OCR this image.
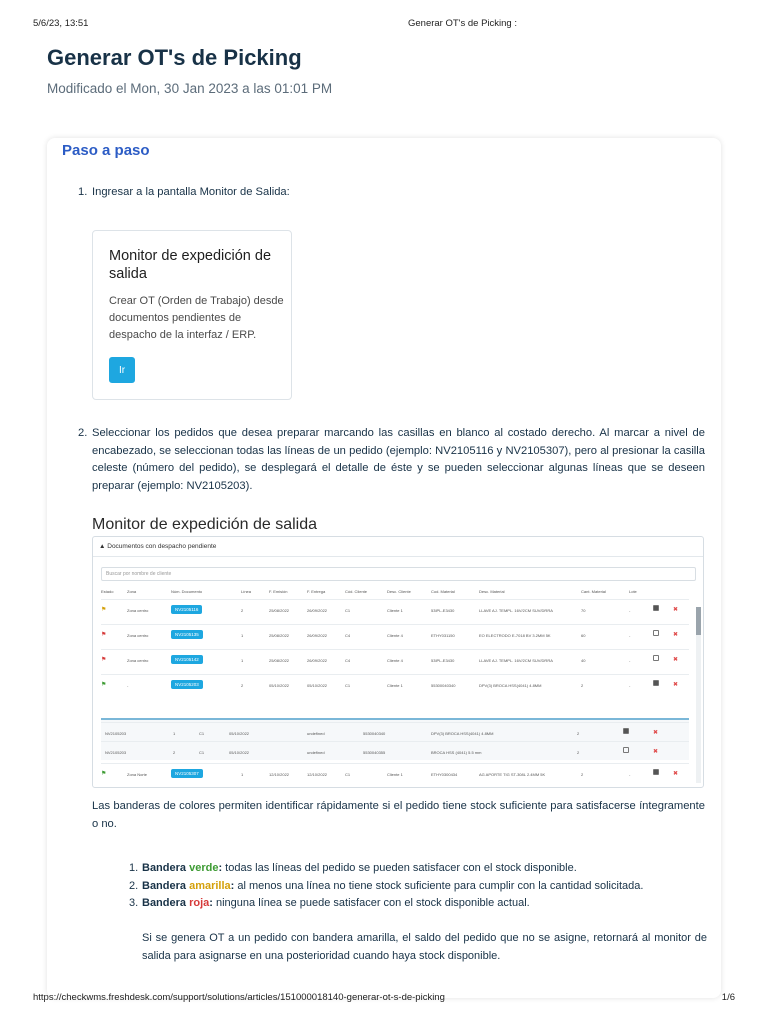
5/6/23, 13:51	Generar OT's de Picking :
Generar OT's de Picking
Modificado el Mon, 30 Jan 2023 a las 01:01 PM
Paso a paso
1. Ingresar a la pantalla Monitor de Salida:
Monitor de expedición de salida
Crear OT (Orden de Trabajo) desde documentos pendientes de despacho de la interfaz / ERP.
Ir
2. Seleccionar los pedidos que desea preparar marcando las casillas en blanco al costado derecho. Al marcar a nivel de encabezado, se seleccionan todas las líneas de un pedido (ejemplo: NV2105116 y NV2105307), pero al presionar la casilla celeste (número del pedido), se desplegará el detalle de éste y se pueden seleccionar algunas líneas que se deseen preparar (ejemplo: NV2105203).
Monitor de expedición de salida
▲ Documentos con despacho pendiente
Buscar por nombre de cliente
Estado	Zona	Núm. Documento	Línea	F. Emisión	F. Entrega	Cód. Cliente	Desc. Cliente	Cod. Material	Desc. Material	Cant. Material	Lote
⚑	Zona centro	NV2105116	2	25/08/2022	26/09/2022	C1	Cliente 1	53IPL-E3430	LLAVE AJ. TEMPL. 16V/2CM SUV/DRRA	70	-	✖
⚑	Zona centro	NV2105135	1	25/08/2022	26/09/2022	C4	Cliente 4	ETHY031150	EO ELECTRODO E-7018 BV 3.2MM 5K	60	-	✖
⚑	Zona centro	NV2105142	1	25/08/2022	26/09/2022	C4	Cliente 4	53IPL-E3430	LLAVE AJ. TEMPL. 16V/2CM SUV/DRRA	40	-	✖
⚑	-	NV2105203	2	05/10/2022	05/10/2022	C1	Cliente 1	55300040340	DPV(3) BROCA HSS(4041) 4.8MM	2	-	✖
NV2105203	1	C1	05/10/2022	undefined	5530040340	DPV(3) BROCA HSS(4041) 4.8MM	2	✖
NV2105203	2	C1	05/10/2022	undefined	5530040355	BROCA HSS (4041) 5.5 mm	2	✖
⚑	Zona Norte	NV2105307	1	12/10/2022	12/10/2022	C1	Cliente 1	ETHY0300434	AG APORTE TIG ST-308L 2.4MM 5K	2	-	✖

Las banderas de colores permiten identificar rápidamente si el pedido tiene stock suficiente para satisfacerse íntegramente o no.

1. Bandera verde: todas las líneas del pedido se pueden satisfacer con el stock disponible.
2. Bandera amarilla: al menos una línea no tiene stock suficiente para cumplir con la cantidad solicitada.
3. Bandera roja: ninguna línea se puede satisfacer con el stock disponible actual.

Si se genera OT a un pedido con bandera amarilla, el saldo del pedido que no se asigne, retornará al monitor de salida para asignarse en una posterioridad cuando haya stock disponible.

https://checkwms.freshdesk.com/support/solutions/articles/151000018140-generar-ot-s-de-picking	1/6
